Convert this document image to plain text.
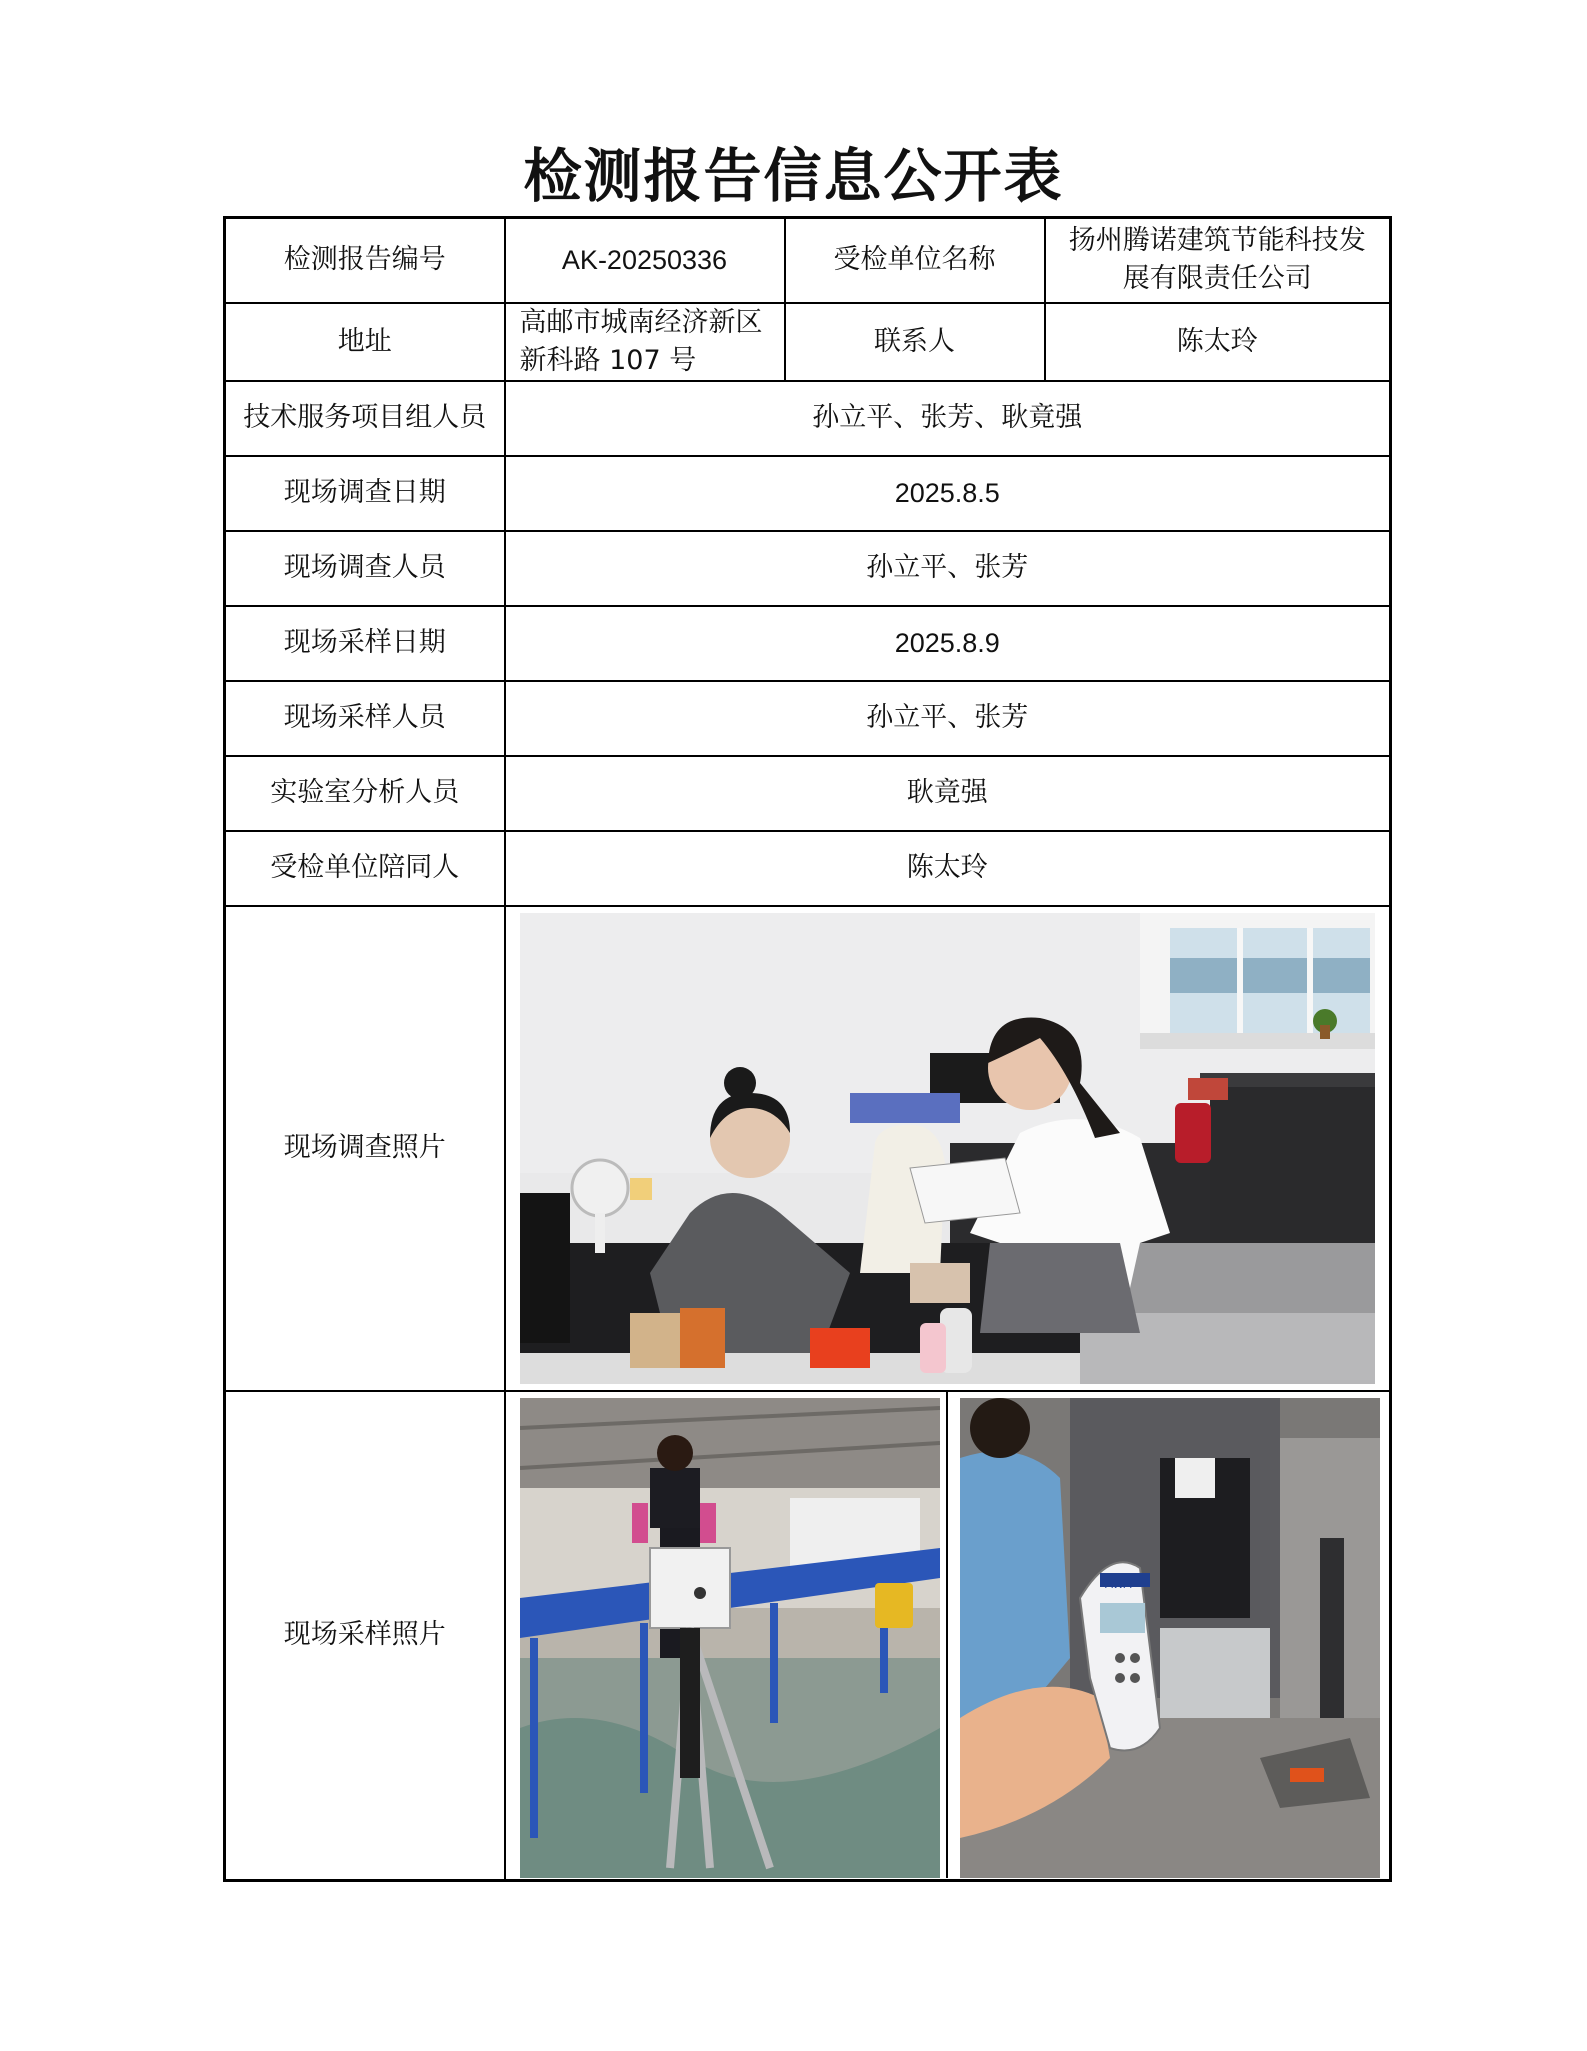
检测报告信息公开表
检测报告编号	AK-20250336	受检单位名称	扬州腾诺建筑节能科技发展有限责任公司
地址	高邮市城南经济新区新科路 107 号	联系人	陈太玲
技术服务项目组人员	孙立平、张芳、耿竟强		
现场调查日期	2025.8.5		
现场调查人员	孙立平、张芳		
现场采样日期	2025.8.9		
现场采样人员	孙立平、张芳		
实验室分析人员	耿竟强		
受检单位陪同人	陈太玲		
现场调查照片	

现场采样照片	
